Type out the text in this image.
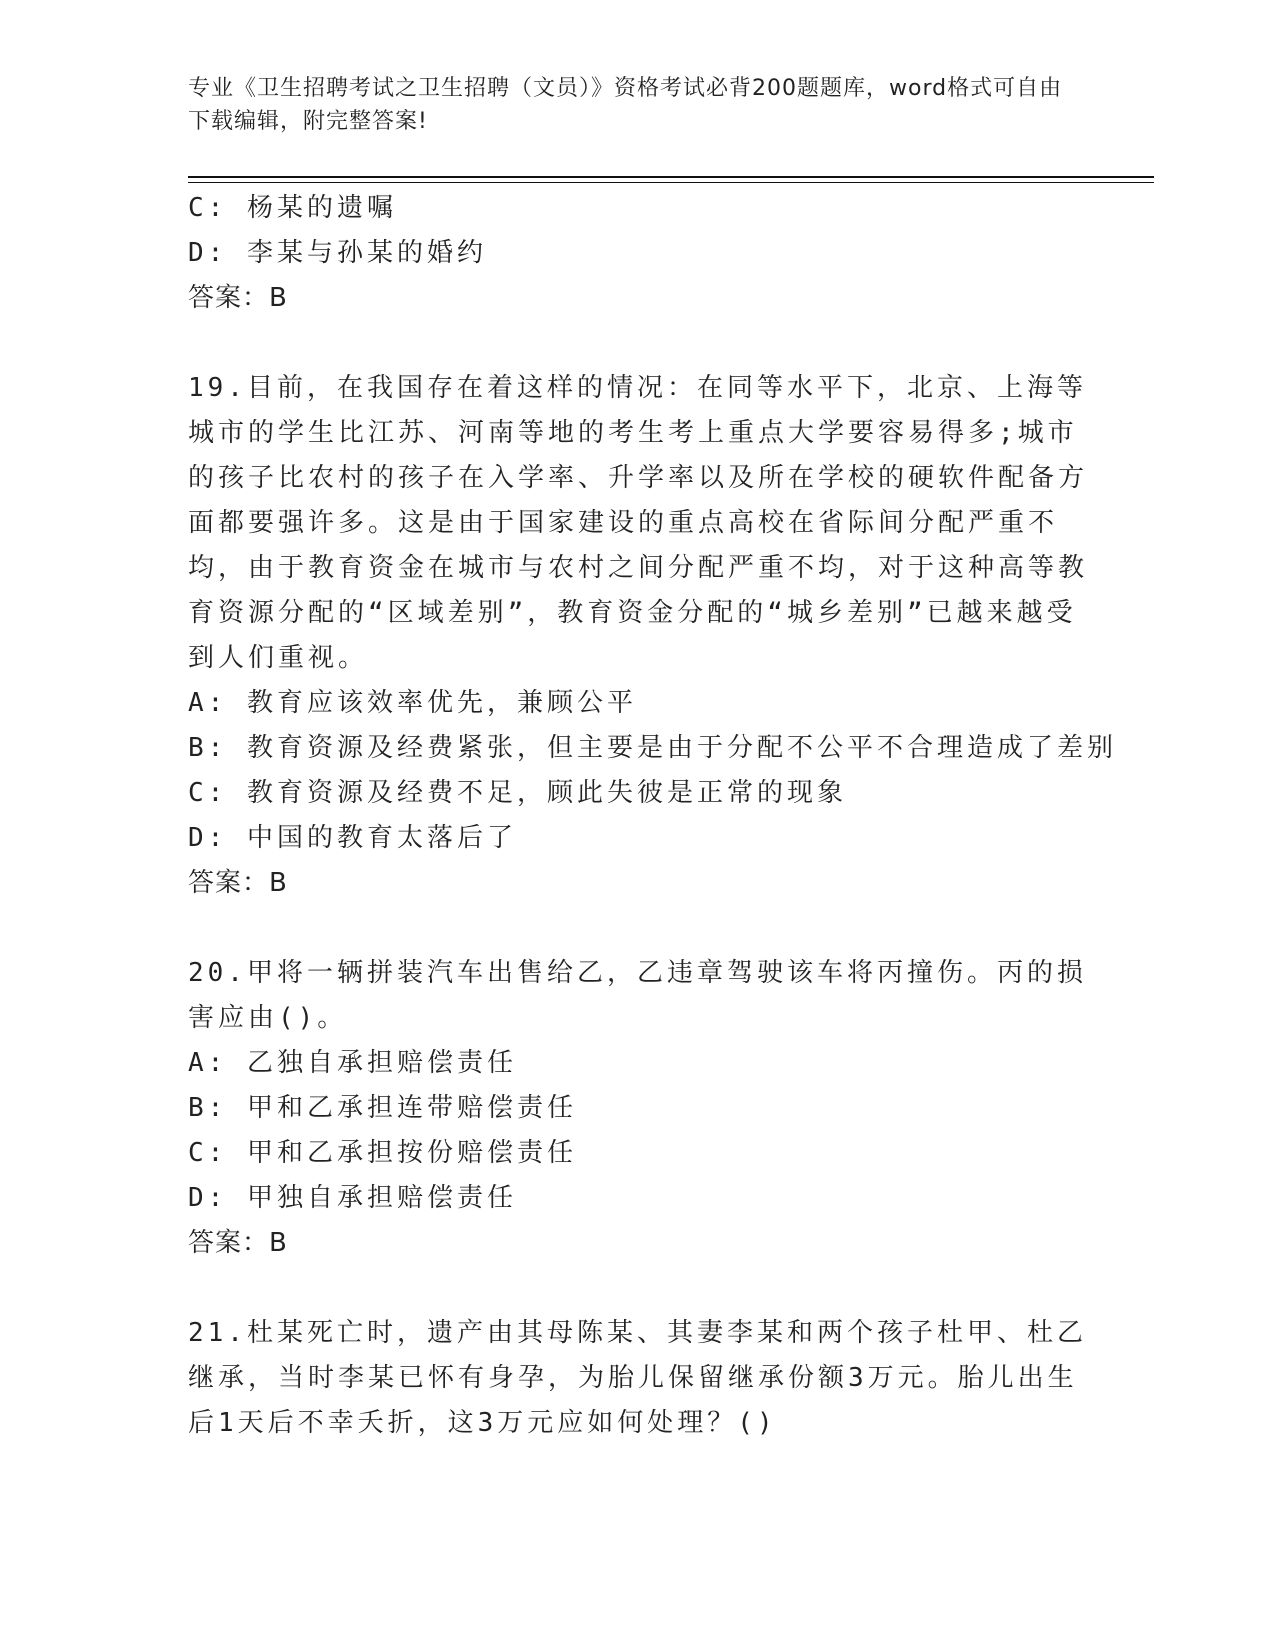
专业《卫生招聘考试之卫生招聘（文员）》资格考试必背200题题库，word格式可自由下载编辑，附完整答案!

C: 杨某的遗嘱

D: 李某与孙某的婚约

答案：B

19.目前，在我国存在着这样的情况：在同等水平下，北京、上海等城市的学生比江苏、河南等地的考生考上重点大学要容易得多;城市的孩子比农村的孩子在入学率、升学率以及所在学校的硬软件配备方面都要强许多。这是由于国家建设的重点高校在省际间分配严重不均，由于教育资金在城市与农村之间分配严重不均，对于这种高等教育资源分配的“区域差别”，教育资金分配的“城乡差别”已越来越受到人们重视。

A: 教育应该效率优先，兼顾公平

B: 教育资源及经费紧张，但主要是由于分配不公平不合理造成了差别

C: 教育资源及经费不足，顾此失彼是正常的现象

D: 中国的教育太落后了

答案：B

20.甲将一辆拼装汽车出售给乙，乙违章驾驶该车将丙撞伤。丙的损害应由()。

A: 乙独自承担赔偿责任

B: 甲和乙承担连带赔偿责任

C: 甲和乙承担按份赔偿责任

D: 甲独自承担赔偿责任

答案：B

21.杜某死亡时，遗产由其母陈某、其妻李某和两个孩子杜甲、杜乙继承，当时李某已怀有身孕，为胎儿保留继承份额3万元。胎儿出生后1天后不幸夭折，这3万元应如何处理？()
